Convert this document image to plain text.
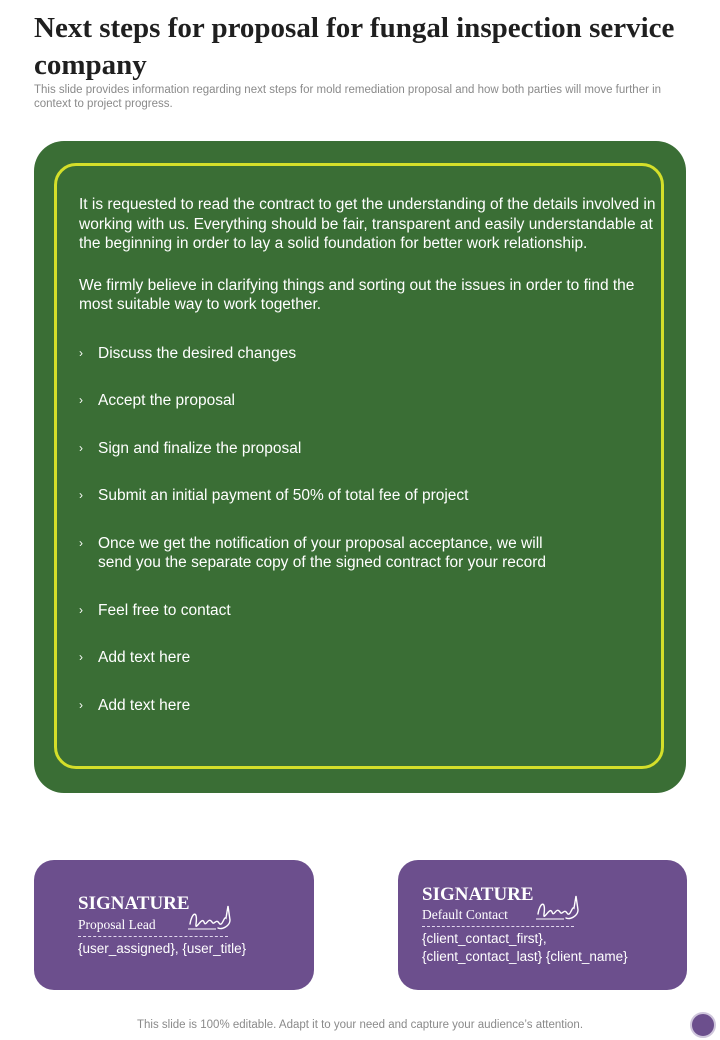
Next steps for proposal for fungal inspection service company

This slide provides information regarding next steps for mold remediation proposal and how both parties will move further in context to project progress.

It is requested to read the contract to get the understanding of the details involved in working with us. Everything should be fair, transparent and easily understandable at the beginning in order to lay a solid foundation for better work relationship.

We firmly believe in clarifying things and sorting out the issues in order to find the most suitable way to work together.

› Discuss the desired changes
› Accept the proposal
› Sign and finalize the proposal
› Submit an initial payment of 50% of total fee of project
› Once we get the notification of your proposal acceptance, we will send you the separate copy of the signed contract for your record
› Feel free to contact
› Add text here
› Add text here
SIGNATURE
Proposal Lead
{user_assigned}, {user_title}
SIGNATURE
Default Contact
{client_contact_first},
{client_contact_last} {client_name}
This slide is 100% editable. Adapt it to your need and capture your audience’s attention.
